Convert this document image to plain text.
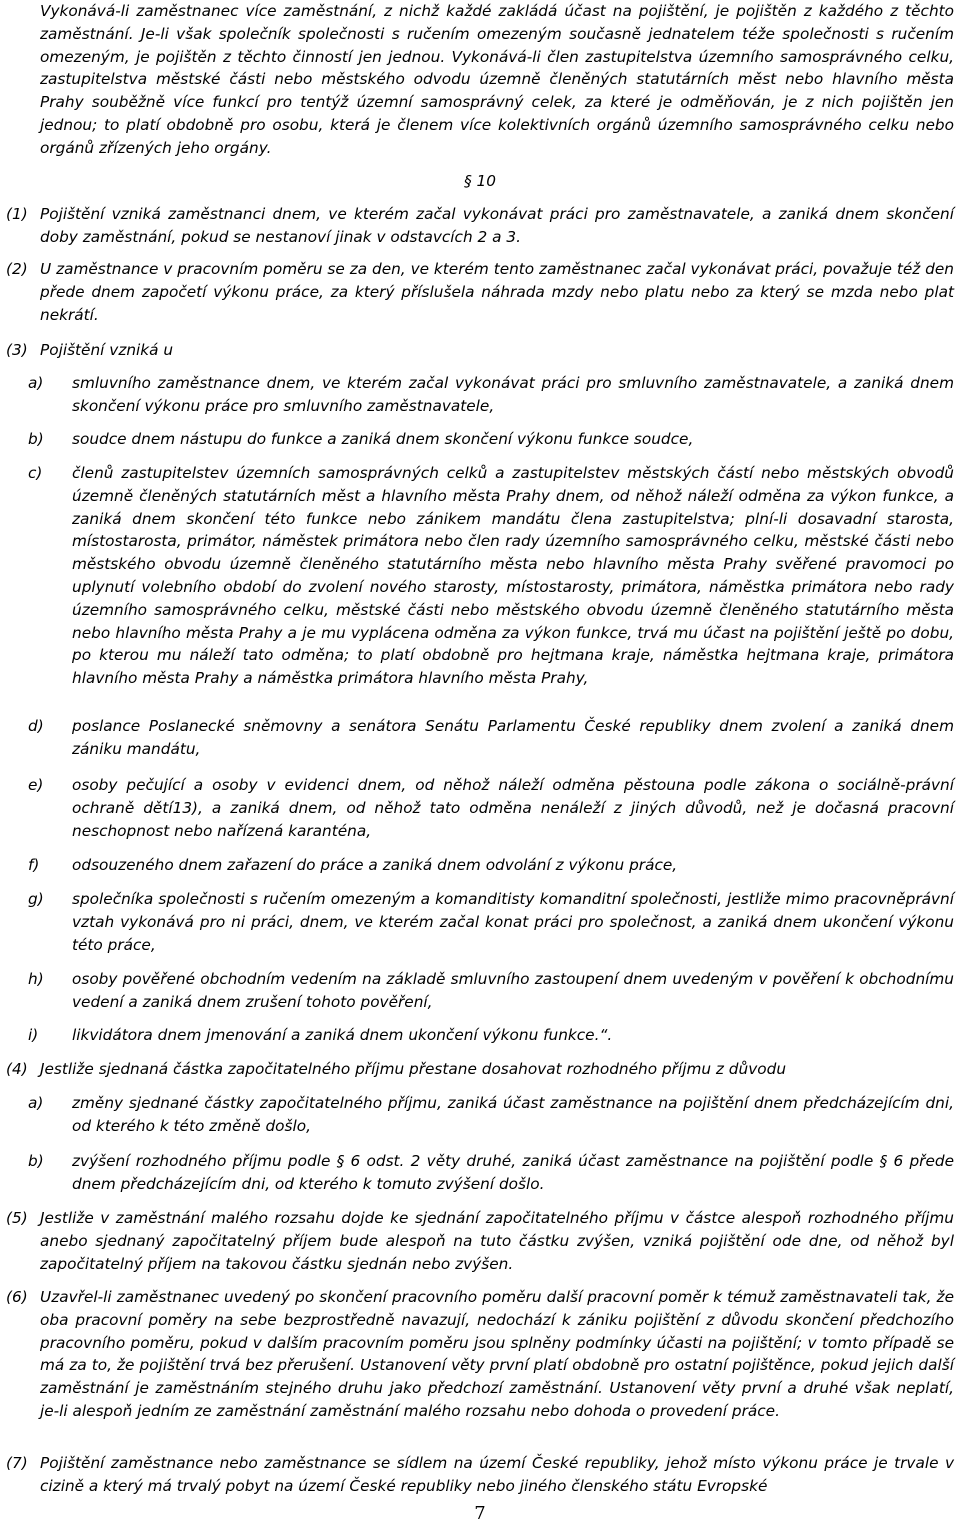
Vykonává-li zaměstnanec více zaměstnání, z nichž každé zakládá účast na pojištění, je pojištěn z každého z těchto zaměstnání. Je-li však společník společnosti s ručením omezeným současně jednatelem téže společnosti s ručením omezeným, je pojištěn z těchto činností jen jednou. Vykonává-li člen zastupitelstva územního samosprávného celku, zastupitelstva městské části nebo městského odvodu územně členěných statutárních měst nebo hlavního města Prahy souběžně více funkcí pro tentýž územní samosprávný celek, za které je odměňován, je z nich pojištěn jen jednou; to platí obdobně pro osobu, která je členem více kolektivních orgánů územního samosprávného celku nebo orgánů zřízených jeho orgány.

§ 10
(1) Pojištění vzniká zaměstnanci dnem, ve kterém začal vykonávat práci pro zaměstnavatele, a zaniká dnem skončení doby zaměstnání, pokud se nestanoví jinak v odstavcích 2 a 3.

(2) U zaměstnance v pracovním poměru se za den, ve kterém tento zaměstnanec začal vykonávat práci, považuje též den přede dnem započetí výkonu práce, za který příslušela náhrada mzdy nebo platu nebo za který se mzda nebo plat nekrátí.

(3) Pojištění vzniká u

a) smluvního zaměstnance dnem, ve kterém začal vykonávat práci pro smluvního zaměstnavatele, a zaniká dnem skončení výkonu práce pro smluvního zaměstnavatele,

b) soudce dnem nástupu do funkce a zaniká dnem skončení výkonu funkce soudce,

c) členů zastupitelstev územních samosprávných celků a zastupitelstev městských částí nebo městských obvodů územně členěných statutárních měst a hlavního města Prahy dnem, od něhož náleží odměna za výkon funkce, a zaniká dnem skončení této funkce nebo zánikem mandátu člena zastupitelstva; plní-li dosavadní starosta, místostarosta, primátor, náměstek primátora nebo člen rady územního samosprávného celku, městské části nebo městského obvodu územně členěného statutárního města nebo hlavního města Prahy svěřené pravomoci po uplynutí volebního období do zvolení nového starosty, místostarosty, primátora, náměstka primátora nebo rady územního samosprávného celku, městské části nebo městského obvodu územně členěného statutárního města nebo hlavního města Prahy a je mu vyplácena odměna za výkon funkce, trvá mu účast na pojištění ještě po dobu, po kterou mu náleží tato odměna; to platí obdobně pro hejtmana kraje, náměstka hejtmana kraje, primátora hlavního města Prahy a náměstka primátora hlavního města Prahy,

d) poslance Poslanecké sněmovny a senátora Senátu Parlamentu České republiky dnem zvolení a zaniká dnem zániku mandátu,

e) osoby pečující a osoby v evidenci dnem, od něhož náleží odměna pěstouna podle zákona o sociálně-právní ochraně dětí13), a zaniká dnem, od něhož tato odměna nenáleží z jiných důvodů, než je dočasná pracovní neschopnost nebo nařízená karanténa,

f) odsouzeného dnem zařazení do práce a zaniká dnem odvolání z výkonu práce,

g) společníka společnosti s ručením omezeným a komanditisty komanditní společnosti, jestliže mimo pracovněprávní vztah vykonává pro ni práci, dnem, ve kterém začal konat práci pro společnost, a zaniká dnem ukončení výkonu této práce,

h) osoby pověřené obchodním vedením na základě smluvního zastoupení dnem uvedeným v pověření k obchodnímu vedení a zaniká dnem zrušení tohoto pověření,

i) likvidátora dnem jmenování a zaniká dnem ukončení výkonu funkce.“.

(4) Jestliže sjednaná částka započitatelného příjmu přestane dosahovat rozhodného příjmu z důvodu

a) změny sjednané částky započitatelného příjmu, zaniká účast zaměstnance na pojištění dnem předcházejícím dni, od kterého k této změně došlo,

b) zvýšení rozhodného příjmu podle § 6 odst. 2 věty druhé, zaniká účast zaměstnance na pojištění podle § 6 přede dnem předcházejícím dni, od kterého k tomuto zvýšení došlo.

(5) Jestliže v zaměstnání malého rozsahu dojde ke sjednání započitatelného příjmu v částce alespoň rozhodného příjmu anebo sjednaný započitatelný příjem bude alespoň na tuto částku zvýšen, vzniká pojištění ode dne, od něhož byl započitatelný příjem na takovou částku sjednán nebo zvýšen.

(6) Uzavřel-li zaměstnanec uvedený po skončení pracovního poměru další pracovní poměr k témuž zaměstnavateli tak, že oba pracovní poměry na sebe bezprostředně navazují, nedochází k zániku pojištění z důvodu skončení předchozího pracovního poměru, pokud v dalším pracovním poměru jsou splněny podmínky účasti na pojištění; v tomto případě se má za to, že pojištění trvá bez přerušení. Ustanovení věty první platí obdobně pro ostatní pojištěnce, pokud jejich další zaměstnání je zaměstnáním stejného druhu jako předchozí zaměstnání. Ustanovení věty první a druhé však neplatí, je-li alespoň jedním ze zaměstnání zaměstnání malého rozsahu nebo dohoda o provedení práce.

(7) Pojištění zaměstnance nebo zaměstnance se sídlem na území České republiky, jehož místo výkonu práce je trvale v cizině a který má trvalý pobyt na území České republiky nebo jiného členského státu Evropské

7
